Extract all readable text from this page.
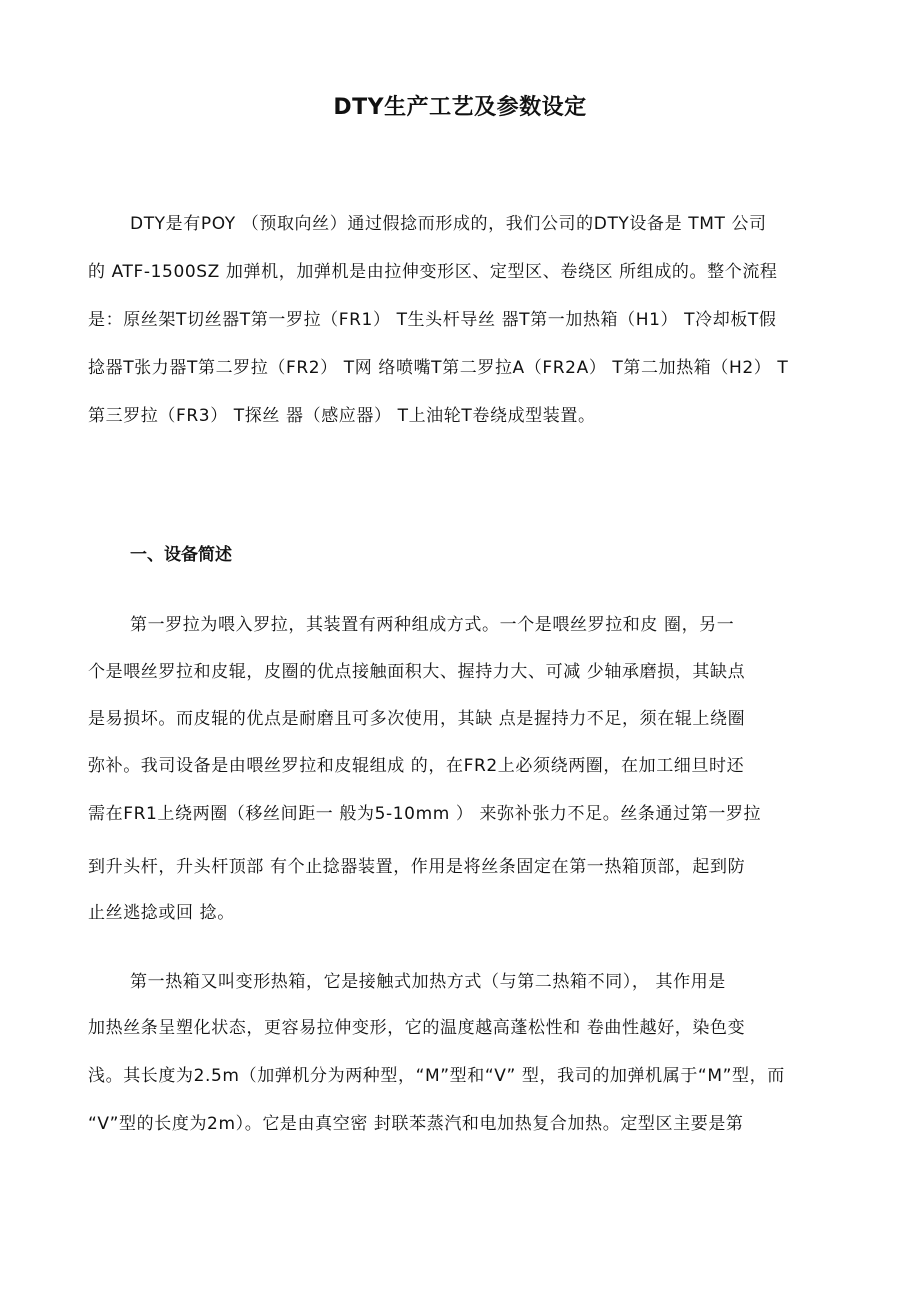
DTY生产工艺及参数设定
DTY是有POY （预取向丝）通过假捻而形成的，我们公司的DTY设备是 TMT 公司
的 ATF-1500SZ 加弹机，加弹机是由拉伸变形区、定型区、卷绕区 所组成的。整个流程
是：原丝架T切丝器T第一罗拉（FR1） T生头杆导丝 器T第一加热箱（H1） T冷却板T假
捻器T张力器T第二罗拉（FR2） T网 络喷嘴T第二罗拉A（FR2A） T第二加热箱（H2） T
第三罗拉（FR3） T探丝 器（感应器） T上油轮T卷绕成型装置。
一、设备简述
第一罗拉为喂入罗拉，其装置有两种组成方式。一个是喂丝罗拉和皮 圈，另一
个是喂丝罗拉和皮辊，皮圈的优点接触面积大、握持力大、可减 少轴承磨损，其缺点
是易损坏。而皮辊的优点是耐磨且可多次使用，其缺 点是握持力不足，须在辊上绕圈
弥补。我司设备是由喂丝罗拉和皮辊组成 的，在FR2上必须绕两圈，在加工细旦时还
需在FR1上绕两圈（移丝间距一 般为5-10mm ） 来弥补张力不足。丝条通过第一罗拉
到升头杆，升头杆顶部 有个止捻器装置，作用是将丝条固定在第一热箱顶部，起到防
止丝逃捻或回 捻。
第一热箱又叫变形热箱，它是接触式加热方式（与第二热箱不同）， 其作用是
加热丝条呈塑化状态，更容易拉伸变形，它的温度越高蓬松性和 卷曲性越好，染色变
浅。其长度为2.5m（加弹机分为两种型，“M”型和“V” 型，我司的加弹机属于“M”型，而
“V”型的长度为2m）。它是由真空密 封联苯蒸汽和电加热复合加热。定型区主要是第
